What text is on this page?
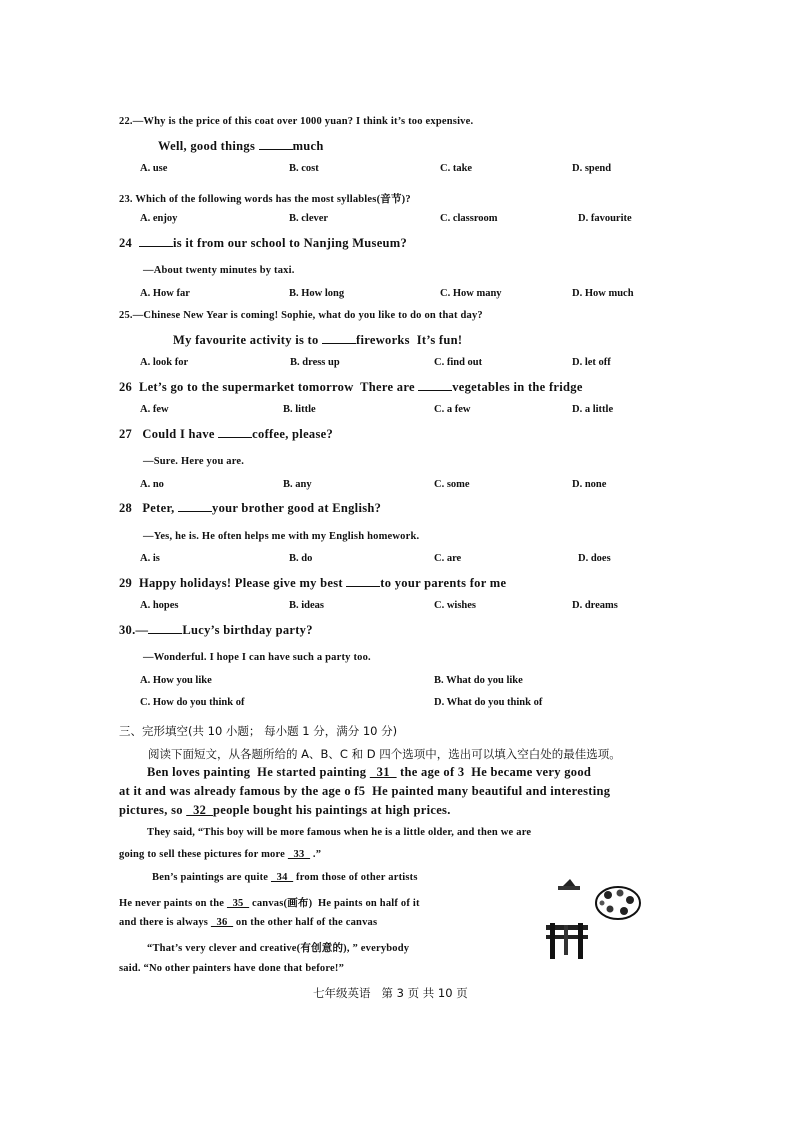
22.—Why is the price of this coat over 1000 yuan? I think it’s too expensive.
Well, good things	much
A. use	B. cost	C. take	D. spend
23. Which of the following words has the most syllables(音节)?
A. enjoy	B. clever	C. classroom	D. favourite
24	is it from our school to Nanjing Museum?
—About twenty minutes by taxi.
A. How far	B. How long	C. How many	D. How much
25.—Chinese New Year is coming! Sophie, what do you like to do on that day?
My favourite activity is to	fireworks  It’s fun!
A. look for	B. dress up	C. find out	D. let off
26  Let’s go to the supermarket tomorrow  There are	vegetables in the fridge
A. few	B. little	C. a few	D. a little
27   Could I have	coffee, please?
—Sure. Here you are.
A. no	B. any	C. some	D. none
28   Peter,	your brother good at English?
—Yes, he is. He often helps me with my English homework.
A. is	B. do	C. are	D. does
29  Happy holidays! Please give my best	to your parents for me
A. hopes	B. ideas	C. wishes	D. dreams
30.—	Lucy’s birthday party?
—Wonderful. I hope I can have such a party too.
A. How you like	B. What do you like
C. How do you think of	D. What do you think of
三、完形填空(共 10 小题； 每小题 1 分，满分 10 分)
阅读下面短文，从各题所给的 A、B、C 和 D 四个选项中，选出可以填入空白处的最佳选项。
Ben loves painting  He started painting   31   the age of 3  He became very good
at it and was already famous by the age o f5  He painted many beautiful and interesting
pictures, so   32  people bought his paintings at high prices.
They said, “This boy will be more famous when he is a little older, and then we are
going to sell these pictures for more   33   .”
Ben’s paintings are quite   34   from those of other artists
He never paints on the   35   canvas(画布)  He paints on half of it
and there is always   36   on the other half of the canvas
“That’s very clever and creative(有创意的), ” everybody
said. “No other painters have done that before!”
七年级英语   第 3 页 共 10 页
